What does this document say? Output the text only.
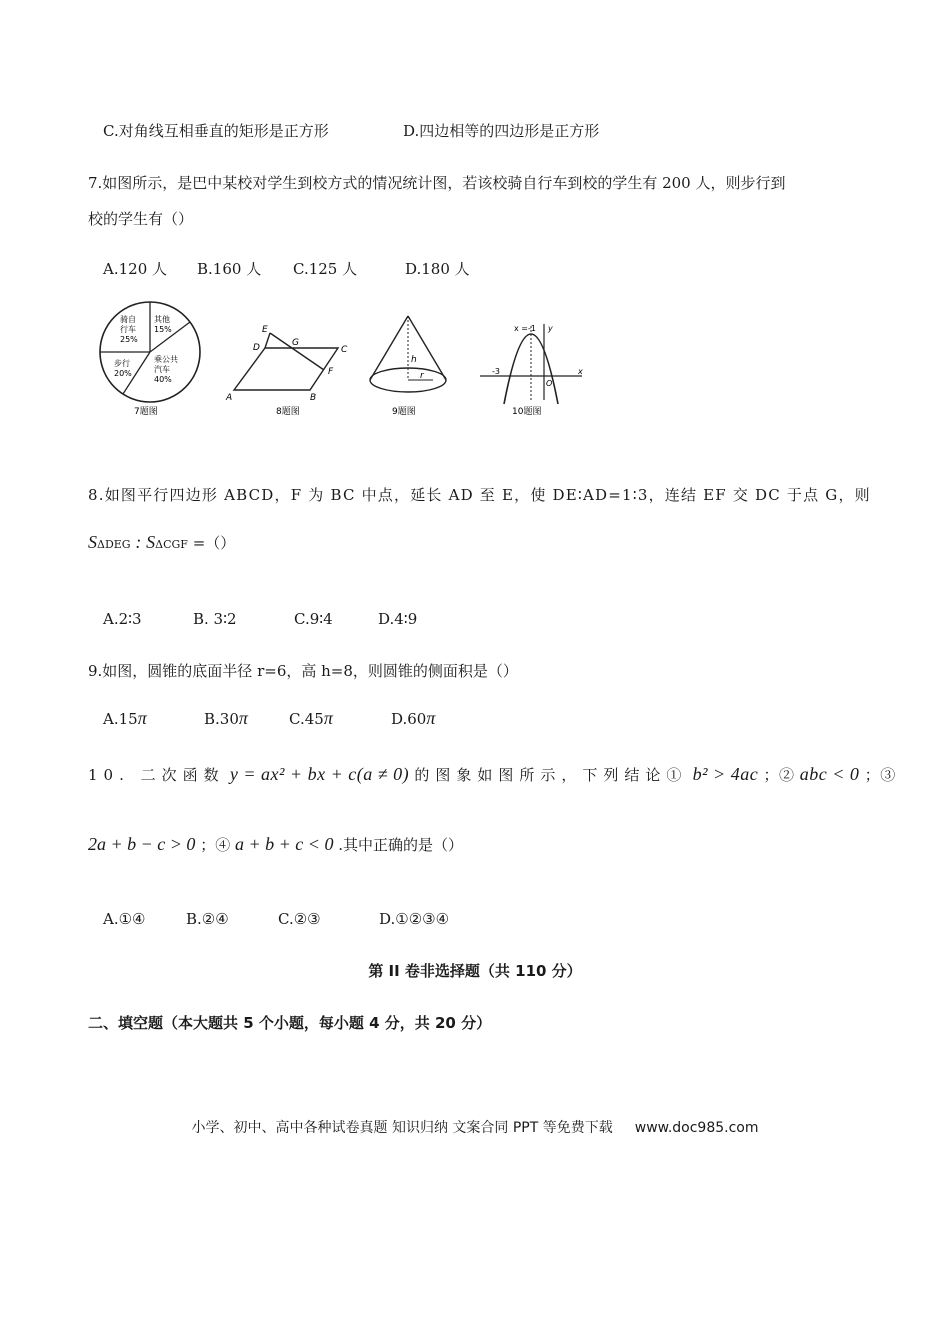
C.对角线互相垂直的矩形是正方形	D.四边相等的四边形是正方形
7.如图所示，是巴中某校对学生到校方式的情况统计图，若该校骑自行车到校的学生有 200 人，则步行到
校的学生有（）
A.120 人 B.160 人 C.125 人	D.180 人
骑自
行车
25%
其他
15%
乘公共
汽车
40%
步行
20%
7题图
E
D	G
C
F
A	B
8题图
h
r
9题图
x =-1 y
x
-3
O
10题图
8.如图平行四边形 ABCD，F 为 BC 中点，延长 AD 至 E，使 DE∶AD=1∶3，连结 EF 交 DC 于点 G，则
SΔDEG : SΔCGF =（）
A.2∶3	B. 3∶2	C.9∶4	D.4∶9
9.如图，圆锥的底面半径 r=6，高 h=8，则圆锥的侧面积是（）
A.15π	B.30π	C.45π	D.60π
10. 二次函数 y = ax² + bx + c(a ≠ 0) 的图象如图所示，下列结论① b² > 4ac ；② abc < 0 ；③
2a + b − c > 0 ；④ a + b + c < 0 .其中正确的是（）
A.①④	B.②④	C.②③	D.①②③④
第 II 卷非选择题（共 110 分）
二、填空题（本大题共 5 个小题，每小题 4 分，共 20 分）
小学、初中、高中各种试卷真题 知识归纳 文案合同 PPT 等免费下载 www.doc985.com
